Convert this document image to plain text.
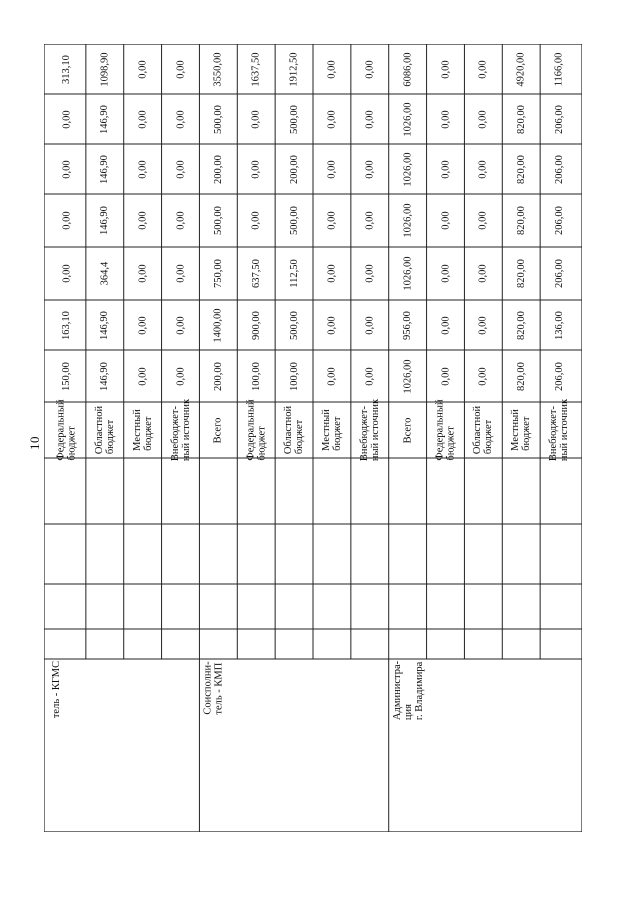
10
150,00
163,10
0,00
0,00
0,00
0,00
313,10
Федеральный
бюджет
146,90
146,90
364,4
146,90
146,90
146,90
1098,90
Областной
бюджет
0,00
0,00
0,00
0,00
0,00
0,00
0,00
Местный
бюджет
0,00
0,00
0,00
0,00
0,00
0,00
0,00
Внебюджет-
ный источник
тель - КГМС
200,00
1400,00
750,00
500,00
200,00
500,00
3550,00
Всего
100,00
900,00
637,50
0,00
0,00
0,00
1637,50
Федеральный
бюджет
100,00
500,00
112,50
500,00
200,00
500,00
1912,50
Областной
бюджет
0,00
0,00
0,00
0,00
0,00
0,00
0,00
Местный
бюджет
0,00
0,00
0,00
0,00
0,00
0,00
0,00
Внебюджет-
ный источник
Соисполни-
тель - КМП
1026,00
956,00
1026,00
1026,00
1026,00
1026,00
6086,00
Всего
0,00
0,00
0,00
0,00
0,00
0,00
0,00
Федеральный
бюджет
0,00
0,00
0,00
0,00
0,00
0,00
0,00
Областной
бюджет
820,00
820,00
820,00
820,00
820,00
820,00
4920,00
Местный
бюджет
206,00
136,00
206,00
206,00
206,00
206,00
1166,00
Внебюджет-
ный источник
Администра-
ция
г. Владимира
